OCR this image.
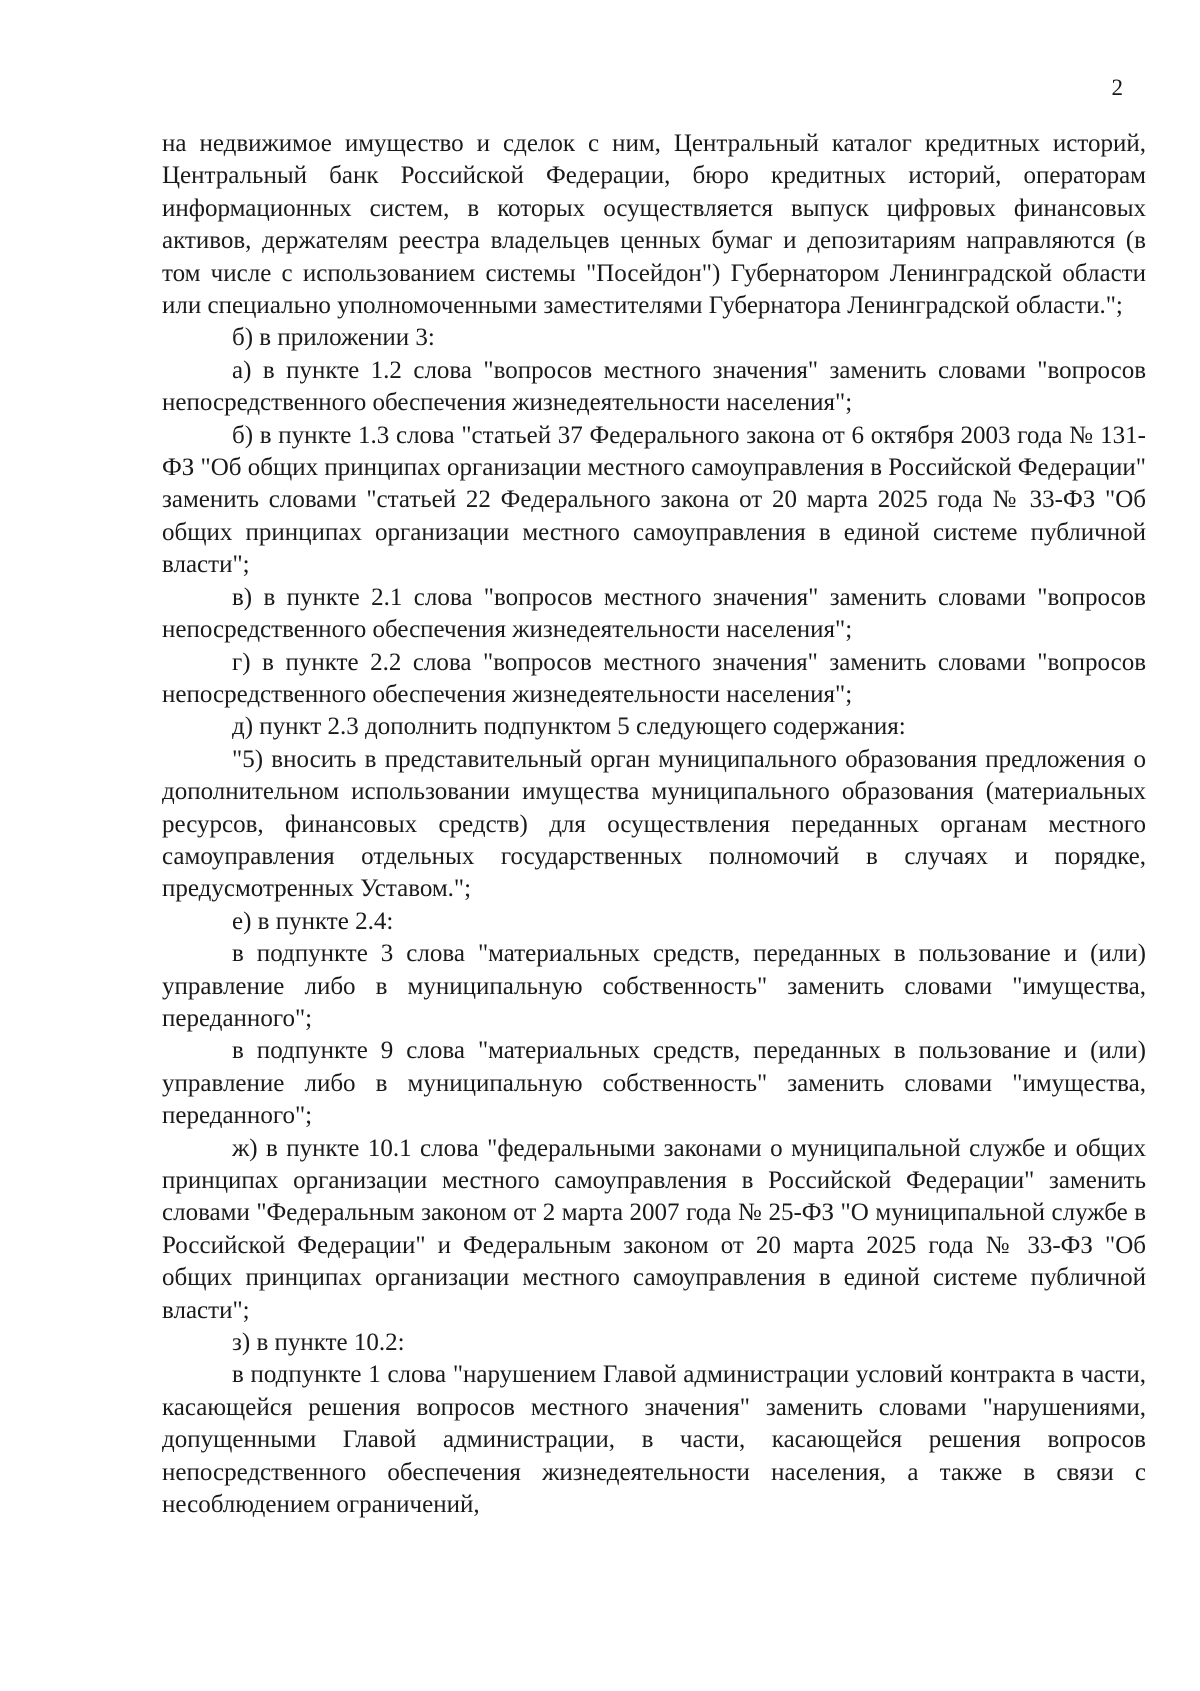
2

на недвижимое имущество и сделок с ним, Центральный каталог кредитных историй, Центральный банк Российской Федерации, бюро кредитных историй, операторам информационных систем, в которых осуществляется выпуск цифровых финансовых активов, держателям реестра владельцев ценных бумаг и депозитариям направляются (в том числе с использованием системы "Посейдон") Губернатором Ленинградской области или специально уполномоченными заместителями Губернатора Ленинградской области.";

б) в приложении 3:

а) в пункте 1.2 слова "вопросов местного значения" заменить словами "вопросов непосредственного обеспечения жизнедеятельности населения";

б) в пункте 1.3 слова "статьей 37 Федерального закона от 6 октября 2003 года № 131-ФЗ "Об общих принципах организации местного самоуправления в Российской Федерации" заменить словами "статьей 22 Федерального закона от 20 марта 2025 года № 33-ФЗ "Об общих принципах организации местного самоуправления в единой системе публичной власти";

в) в пункте 2.1 слова "вопросов местного значения" заменить словами "вопросов непосредственного обеспечения жизнедеятельности населения";

г) в пункте 2.2 слова "вопросов местного значения" заменить словами "вопросов непосредственного обеспечения жизнедеятельности населения";

д) пункт 2.3 дополнить подпунктом 5 следующего содержания:

"5) вносить в представительный орган муниципального образования предложения о дополнительном использовании имущества муниципального образования (материальных ресурсов, финансовых средств) для осуществления переданных органам местного самоуправления отдельных государственных полномочий в случаях и порядке, предусмотренных Уставом.";

е) в пункте 2.4:

в подпункте 3 слова "материальных средств, переданных в пользование и (или) управление либо в муниципальную собственность" заменить словами "имущества, переданного";

в подпункте 9 слова "материальных средств, переданных в пользование и (или) управление либо в муниципальную собственность" заменить словами "имущества, переданного";

ж) в пункте 10.1 слова "федеральными законами о муниципальной службе и общих принципах организации местного самоуправления в Российской Федерации" заменить словами "Федеральным законом от 2 марта 2007 года № 25-ФЗ "О муниципальной службе в Российской Федерации" и Федеральным законом от 20 марта 2025 года № 33-ФЗ "Об общих принципах организации местного самоуправления в единой системе публичной власти";

з) в пункте 10.2:

в подпункте 1 слова "нарушением Главой администрации условий контракта в части, касающейся решения вопросов местного значения" заменить словами "нарушениями, допущенными Главой администрации, в части, касающейся решения вопросов непосредственного обеспечения жизнедеятельности населения, а также в связи с несоблюдением ограничений,
